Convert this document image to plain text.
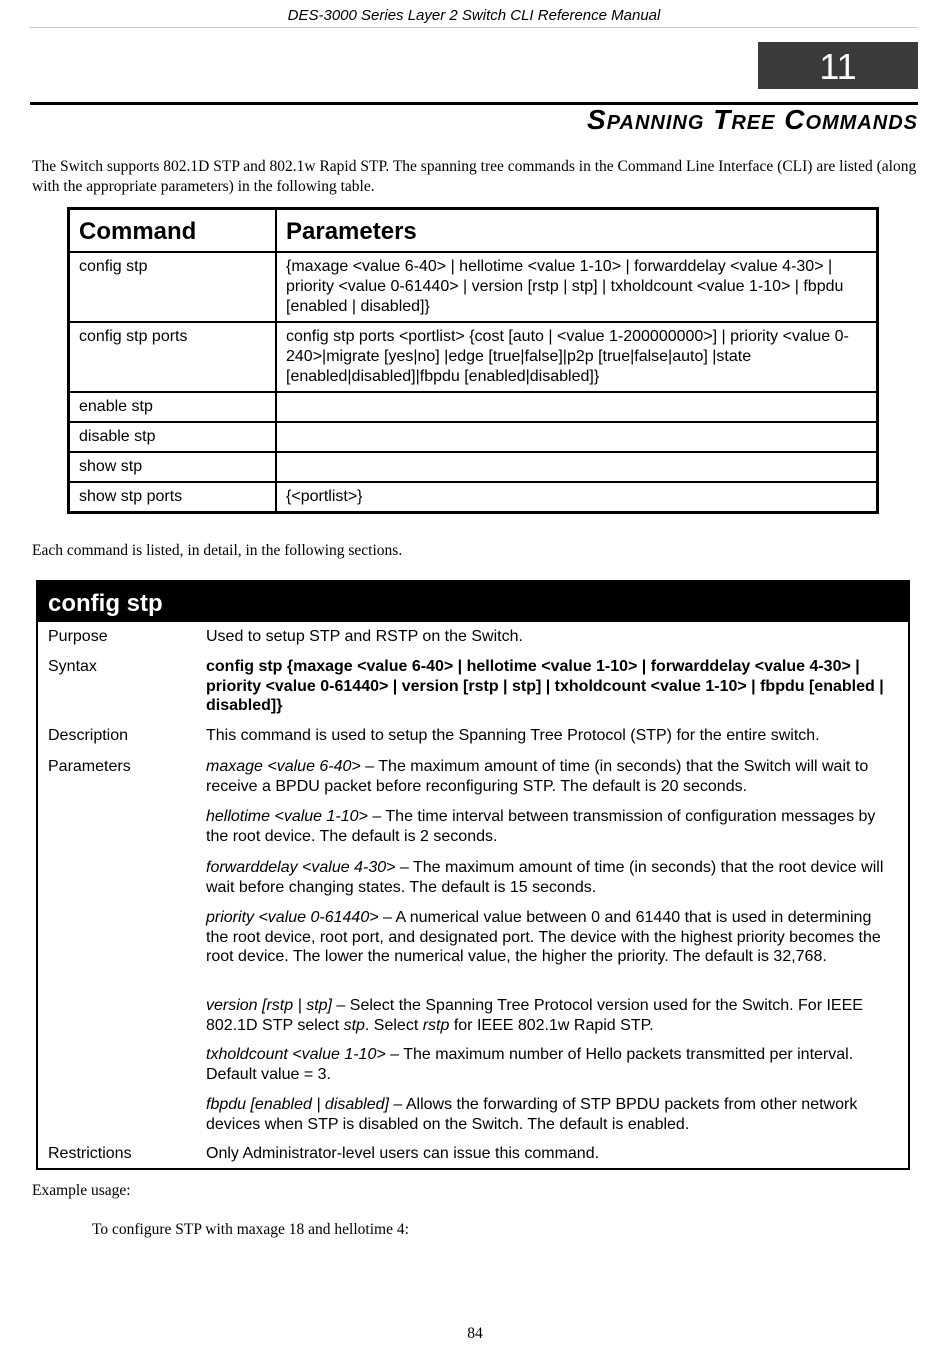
DES-3000 Series Layer 2 Switch CLI Reference Manual
11
Spanning Tree Commands
The Switch supports 802.1D STP and 802.1w Rapid STP. The spanning tree commands in the Command Line Interface (CLI) are listed (along with the appropriate parameters) in the following table.
Command	Parameters
config stp	{maxage <value 6-40> | hellotime <value 1-10> | forwarddelay <value 4-30> | priority <value 0-61440> | version [rstp | stp] | txholdcount <value 1-10> | fbpdu [enabled | disabled]}
config stp ports	config stp ports <portlist> {cost [auto | <value 1-200000000>] | priority <value 0-240>|migrate [yes|no] |edge [true|false]|p2p [true|false|auto] |state [enabled|disabled]|fbpdu [enabled|disabled]}
enable stp	
disable stp	
show stp	
show stp ports	{<portlist>}
Each command is listed, in detail, in the following sections.
config stp
Purpose	Used to setup STP and RSTP on the Switch.
Syntax	config stp {maxage <value 6-40> | hellotime <value 1-10> | forwarddelay <value 4-30> | priority <value 0-61440> | version [rstp | stp] | txholdcount <value 1-10> | fbpdu [enabled | disabled]}
Description	This command is used to setup the Spanning Tree Protocol (STP) for the entire switch.
Parameters	maxage <value 6-40> – The maximum amount of time (in seconds) that the Switch will wait to receive a BPDU packet before reconfiguring STP. The default is 20 seconds.
hellotime <value 1-10> – The time interval between transmission of configuration messages by the root device. The default is 2 seconds.
forwarddelay <value 4-30> – The maximum amount of time (in seconds) that the root device will wait before changing states. The default is 15 seconds.
priority <value 0-61440> – A numerical value between 0 and 61440 that is used in determining the root device, root port, and designated port. The device with the highest priority becomes the root device. The lower the numerical value, the higher the priority. The default is 32,768.
version [rstp | stp] – Select the Spanning Tree Protocol version used for the Switch. For IEEE 802.1D STP select stp. Select rstp for IEEE 802.1w Rapid STP.
txholdcount <value 1-10> – The maximum number of Hello packets transmitted per interval. Default value = 3.
fbpdu [enabled | disabled] – Allows the forwarding of STP BPDU packets from other network devices when STP is disabled on the Switch. The default is enabled.
Restrictions	Only Administrator-level users can issue this command.
Example usage:
To configure STP with maxage 18 and hellotime 4:
84
